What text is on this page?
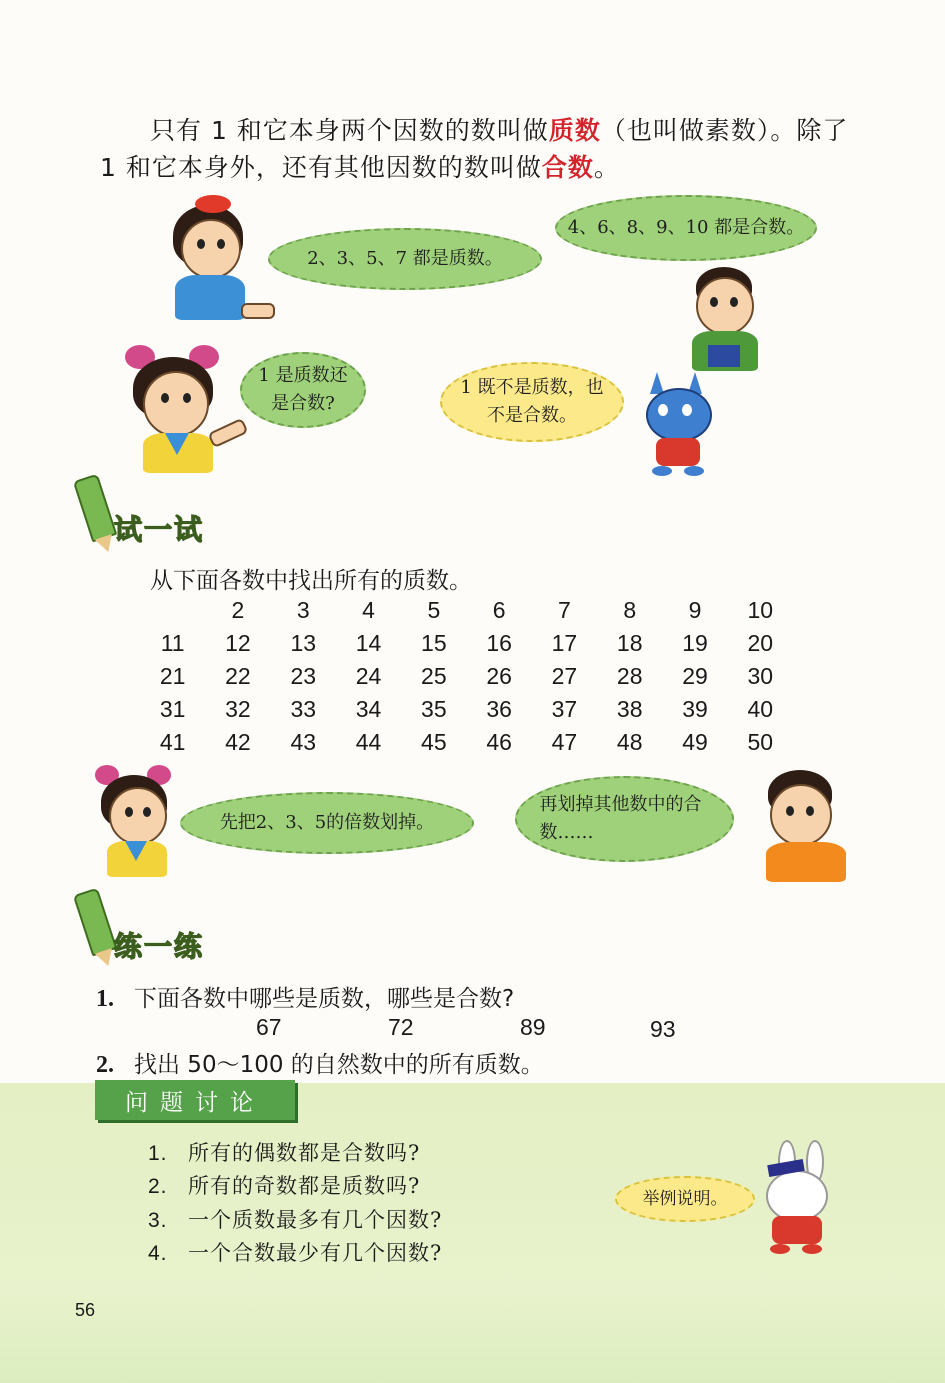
只有 1 和它本身两个因数的数叫做质数（也叫做素数）。除了 1 和它本身外，还有其他因数的数叫做合数。
2、3、5、7 都是质数。
4、6、8、9、10 都是合数。
1 是质数还是合数?
1 既不是质数，也不是合数。
试一试
从下面各数中找出所有的质数。
2	3	4	5	6	7	8	9	10
11	12	13	14	15	16	17	18	19	20
21	22	23	24	25	26	27	28	29	30
31	32	33	34	35	36	37	38	39	40
41	42	43	44	45	46	47	48	49	50
先把2、3、5的倍数划掉。
再划掉其他数中的合数……
练一练
1. 下面各数中哪些是质数，哪些是合数?
67	72	89	93
2. 找出 50～100 的自然数中的所有质数。
问题讨论
1. 所有的偶数都是合数吗?
2. 所有的奇数都是质数吗?
3. 一个质数最多有几个因数?
4. 一个合数最少有几个因数?
举例说明。
56
